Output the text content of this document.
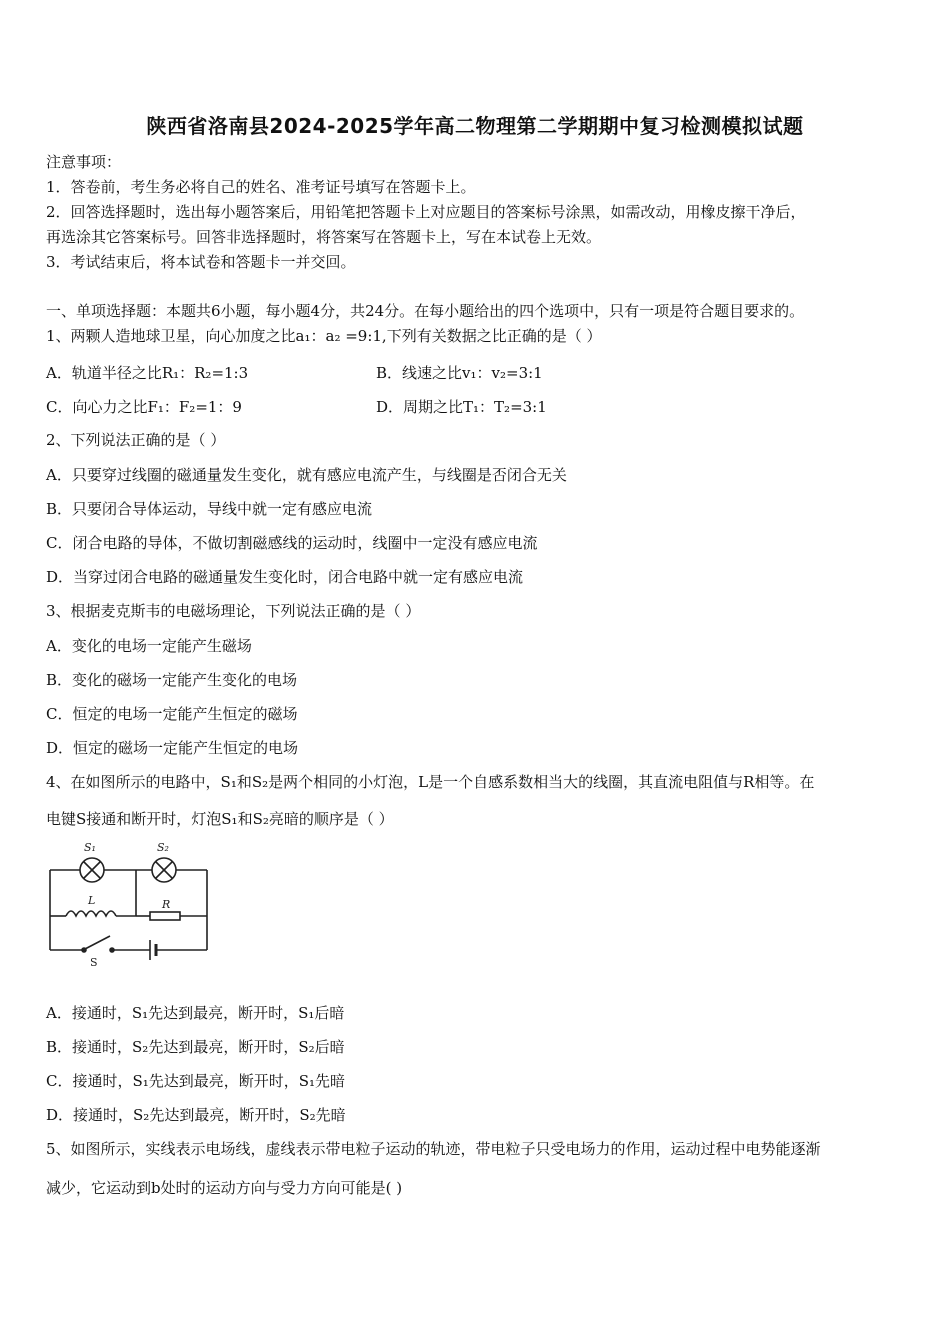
陕西省洛南县2024-2025学年高二物理第二学期期中复习检测模拟试题
注意事项：
1．答卷前，考生务必将自己的姓名、准考证号填写在答题卡上。
2．回答选择题时，选出每小题答案后，用铅笔把答题卡上对应题目的答案标号涂黑，如需改动，用橡皮擦干净后，
再选涂其它答案标号。回答非选择题时，将答案写在答题卡上，写在本试卷上无效。
3．考试结束后，将本试卷和答题卡一并交回。
一、单项选择题：本题共6小题，每小题4分，共24分。在每小题给出的四个选项中，只有一项是符合题目要求的。
1、两颗人造地球卫星，向心加度之比a₁：a₂ =9:1,下列有关数据之比正确的是（ ）
A．轨道半径之比R₁：R₂=1:3	B．线速之比v₁：v₂=3:1
C．向心力之比F₁：F₂=1：9	D．周期之比T₁：T₂=3:1
2、下列说法正确的是（ ）
A．只要穿过线圈的磁通量发生变化，就有感应电流产生，与线圈是否闭合无关
B．只要闭合导体运动，导线中就一定有感应电流
C．闭合电路的导体，不做切割磁感线的运动时，线圈中一定没有感应电流
D．当穿过闭合电路的磁通量发生变化时，闭合电路中就一定有感应电流
3、根据麦克斯韦的电磁场理论，下列说法正确的是（ ）
A．变化的电场一定能产生磁场
B．变化的磁场一定能产生变化的电场
C．恒定的电场一定能产生恒定的磁场
D．恒定的磁场一定能产生恒定的电场
4、在如图所示的电路中，S₁和S₂是两个相同的小灯泡，L是一个自感系数相当大的线圈，其直流电阻值与R相等。在
电键S接通和断开时，灯泡S₁和S₂亮暗的顺序是（ ）
S₁	S₂
L	R
S
A．接通时，S₁先达到最亮，断开时，S₁后暗
B．接通时，S₂先达到最亮，断开时，S₂后暗
C．接通时，S₁先达到最亮，断开时，S₁先暗
D．接通时，S₂先达到最亮，断开时，S₂先暗
5、如图所示，实线表示电场线，虚线表示带电粒子运动的轨迹，带电粒子只受电场力的作用，运动过程中电势能逐渐
减少，它运动到b处时的运动方向与受力方向可能是( )
